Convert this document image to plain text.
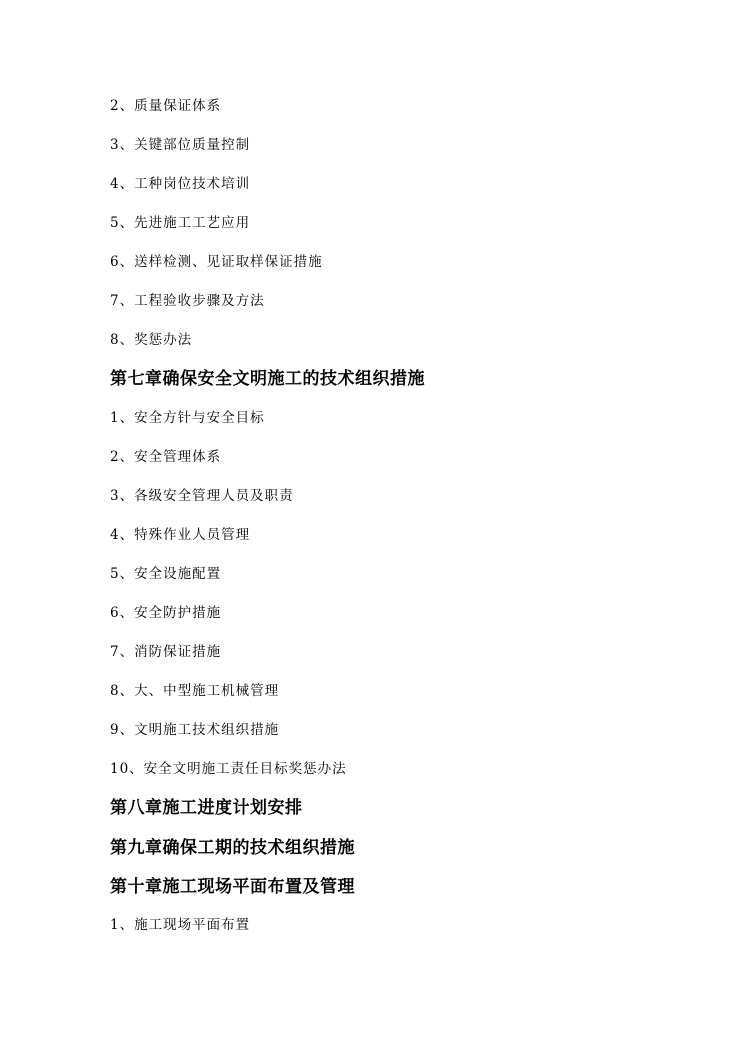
2、质量保证体系
3、关键部位质量控制
4、工种岗位技术培训
5、先进施工工艺应用
6、送样检测、见证取样保证措施
7、工程验收步骤及方法
8、奖惩办法
第七章确保安全文明施工的技术组织措施
1、安全方针与安全目标
2、安全管理体系
3、各级安全管理人员及职责
4、特殊作业人员管理
5、安全设施配置
6、安全防护措施
7、消防保证措施
8、大、中型施工机械管理
9、文明施工技术组织措施
10、安全文明施工责任目标奖惩办法
第八章施工进度计划安排
第九章确保工期的技术组织措施
第十章施工现场平面布置及管理
1、施工现场平面布置
